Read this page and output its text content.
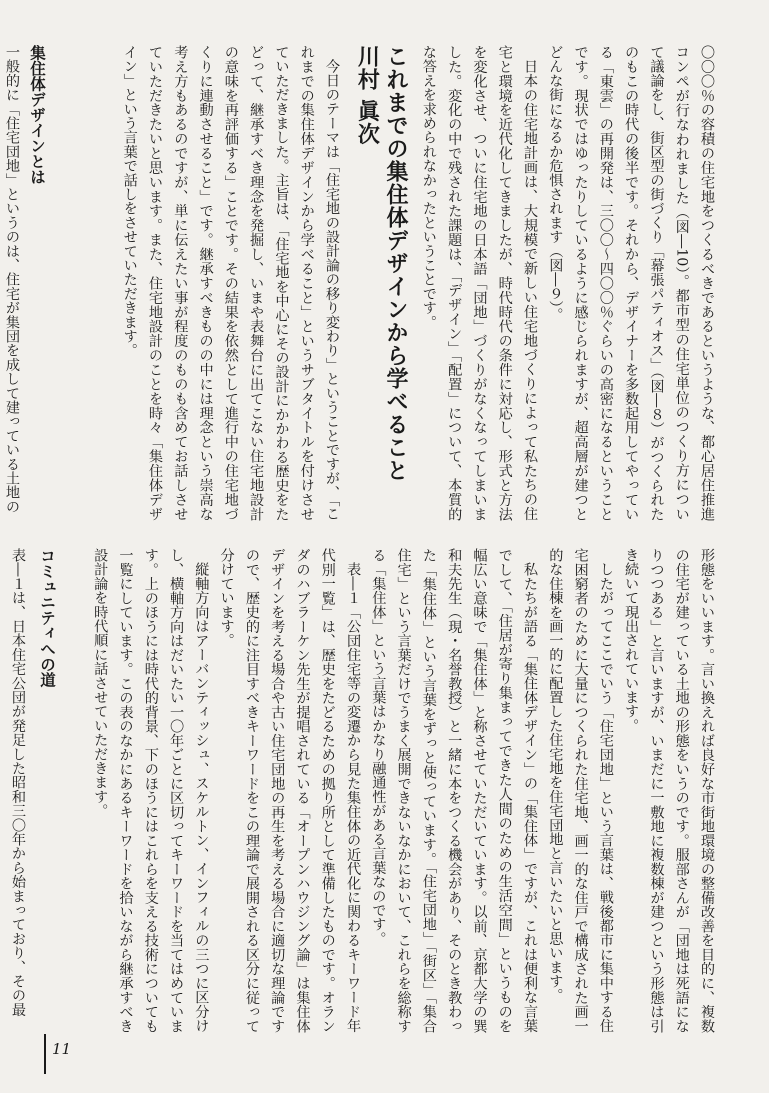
〇〇〇％の容積の住宅地をつくるべきであるというような、都心居住推進コンペが行なわれました（図―10）。都市型の住宅単位のつくり方について議論をし、街区型の街づくり「幕張パティオス」（図―８）がつくられたのもこの時代の後半です。それから、デザイナーを多数起用してやっている「東雲」の再開発は、三〇〇〜四〇〇％ぐらいの高密になるということです。現状ではゆったりしているように感じられますが、超高層が建つとどんな街になるか危惧されます（図―９）。

日本の住宅地計画は、大規模で新しい住宅地づくりによって私たちの住宅と環境を近代化してきましたが、時代時代の条件に対応し、形式と方法を変化させ、ついに住宅地の日本語「団地」づくりがなくなってしまいました。変化の中で残された課題は、「デザイン」「配置」について、本質的な答えを求められなかったということです。

これまでの集住体デザインから学べること
川村 眞次

今日のテーマは「住宅地の設計論の移り変わり」ということですが、「これまでの集住体デザインから学べること」というサブタイトルを付けさせていただきました。主旨は、「住宅地を中心にその設計にかかわる歴史をたどって、継承すべき理念を発掘し、いまや表舞台に出てこない住宅地設計の意味を再評価する」ことです。その結果を依然として進行中の住宅地づくりに連動させること」です。継承すべきものの中には理念という崇高な考え方もあるのですが、単に伝えたい事が程度のものも含めてお話しさせていただきたいと思います。また、住宅地設計のことを時々「集住体デザイン」という言葉で話しをさせていただきます。

集住体デザインとは
一般的に「住宅団地」というのは、住宅が集団を成して建っている土地の

形態をいいます。言い換えれば良好な市街地環境の整備改善を目的に、複数の住宅が建っている土地の形態をいうのです。服部さんが「団地は死語になりつつある」と言いますが、いまだに一敷地に複数棟が建つという形態は引き続いて現出されています。

したがってここでいう「住宅団地」という言葉は、戦後都市に集中する住宅困窮者のために大量につくられた住宅地、画一的な住戸で構成された画一的な住棟を画一的に配置した住宅地を住宅団地と言いたいと思います。

私たちが語る「集住体デザイン」の「集住体」ですが、これは便利な言葉でして、「住居が寄り集まってできた人間のための生活空間」というものを幅広い意味で「集住体」と称させていただいています。以前、京都大学の巽和夫先生（現・名誉教授）と一緒に本をつくる機会があり、そのとき教わった「集住体」という言葉をずっと使っています。「住宅団地」「街区」「集合住宅」という言葉だけでうまく展開できないなかにおいて、これらを総称する「集住体」という言葉はかなり融通性がある言葉なのです。

表―１「公団住宅等の変遷から見た集住体の近代化に関わるキーワード年代別一覧」は、歴史をたどるための拠り所として準備したものです。オランダのハブラーケン先生が提唱されている「オープンハウジング論」は集住体デザインを考える場合や古い住宅団地の再生を考える場合に適切な理論ですので、歴史的に注目すべきキーワードをこの理論で展開される区分に従って分けています。

縦軸方向はアーバンティッシュ、スケルトン、インフィルの三つに区分けし、横軸方向はだいたい一〇年ごとに区切ってキーワードを当てはめています。上のほうには時代的背景、下のほうにはこれらを支える技術についても一覧にしています。この表のなかにあるキーワードを拾いながら継承すべき設計論を時代順に話させていただきます。

コミュニティへの道
表―１は、日本住宅公団が発足した昭和三〇年から始まっており、その最
11
